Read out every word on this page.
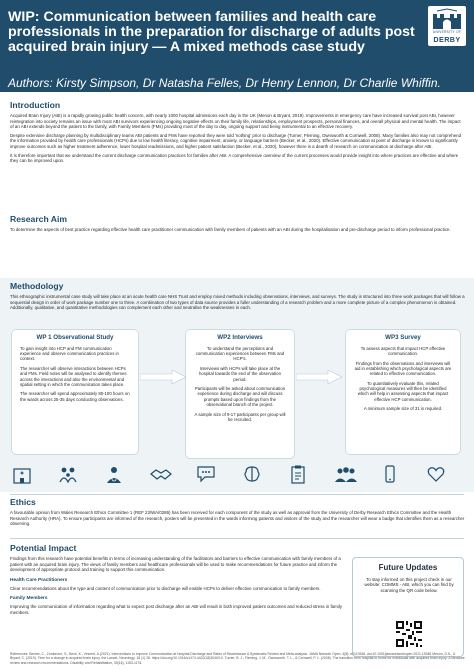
WIP: Communication between families and health care professionals in the preparation for discharge of adults post acquired brain injury — A mixed methods case study
Authors: Kirsty Simpson, Dr Natasha Felles, Dr Henry Lennon, Dr Charlie Whiffin.
UNIVERSITY OF
DERBY
Introduction
Acquired Brain Injury (ABI) is a rapidly growing public health concern, with nearly 1000 hospital admissions each day in the UK (Menon & Bryant, 2019). Improvements in emergency care have increased survival post ABI, however reintegration into society remains an issue with most ABI survivors experiencing ongoing negative effects on their family life, relationships, employment prospects, personal finances, and overall physical and mental health. The impact of an ABI extends beyond the patient to the family, with Family Members (FMs) providing most of the day to day, ongoing support and being instrumental to an effective recovery.
Despite extensive discharge planning by multidisciplinary teams ABI patients and FMs have reported they were told 'nothing' prior to discharge (Turner, Fleming, Ownsworth & Cornwell, 2008). Many families also may not comprehend the information provided by health care professionals (HCPs) due to low health literacy, cognitive impairment, anxiety, or language barriers (Becker, et al., 2020). Effective communication at point of discharge is known to significantly improve outcomes such as higher treatment adherence, lower hospital readmissions, and higher patient satisfaction (Becker, et al., 2020), however there is a dearth of research on communication at discharge after ABI.
It is therefore important that we understand the current discharge communication practices for families after ABI. A comprehensive overview of the current processes would provide insight into where practices are effective and where they can be improved upon.
Research Aim
To determine the aspects of best practice regarding effective health care practitioner communication with family members of patients with an ABI during the hospitalisation and pre-discharge period to inform professional practice.
Methodology
This ethnographic instrumental case study will take place at an acute health care NHS Trust and employ mixed methods including observations, interviews, and surveys. The study is structured into three work packages that will follow a sequential design in order of work package number one to three. A combination of two types of data source provides a fuller understanding of a research problem and a more complete picture of a complex phenomenon is obtained. Additionally, qualitative, and quantitative methodologies can complement each other and neutralise the weaknesses in each.
WP 1 Observational Study
To gain insight into HCP and FM communication experience and observe communication practices in context.
The researcher will observe interactions between HCPs and FMs. Field notes will be analysed to identify themes across the interactions and also the environmental and spatial setting in which the communication takes place.
The researcher will spend approximately 80-100 hours on the wards across 25-35 days conducting observations.
WP2 Interviews
To understand the perceptions and communication experiences between FMs and HCP's.
Interviews with HCPs will take place at the hospital towards the end of the observation period.
Participants will be asked about communication experience during discharge and will discuss prompts based upon findings from the observational branch of the project.
A sample size of 9-17 participants per group will be recruited.
WP3 Survey
To assess aspects that impact HCP effective communication.
Findings from the observations and interviews will aid in establishing which psychological aspects are related to effective communication.
To quantitatively evaluate this, related psychological measures will then be identified which will help in assessing aspects that impact effective HCP communication.
A minimum sample size of 31 is required.
Ethics
A favourable opinion from Wales Research Ethics Committee 1 (REF 23/WA/0286) has been received for each component of the study as well as approval from the University of Derby Research Ethics Committee and the Health Research Authority (HRA). To ensure participants are informed of the research, posters will be presented in the wards informing patients and visitors of the study and the researcher will wear a badge that identifies them as a researcher observing.
Potential Impact
Findings from this research have potential benefits in terms of increasing understanding of the facilitators and barriers to effective communication with family members of a patient with an acquired brain injury. The views of family members and healthcare professionals will be used to make recommendations for future practice and inform the development of appropriate protocol and training to support this communication.
Health Care Practitioners
Clear recommendations about the type and content of communication prior to discharge will enable HCPs to deliver effective communication to family members.
Family Members
Improving the communication of information regarding what to expect post discharge after an ABI will result in both improved patient outcomes and reduced stress in family members.
Future Updates
To stay informed on this project check in our website: COMMS - ABI, which you can find by scanning the QR code below.
References: Becker, C., Zumbrunn, S., Beck, K., Vincent, A.(2021). Interventions to Improve Communication at Hospital Discharge and Rates of Readmission A Systematic Review and Meta-analysis. JAMA Network Open. 4(8): e2119346. doi:10.1001/jamanetworkopen.2021.19346 Menon, D.K., & Bryant, C. (2019). Time for a change in acquired brain injury. the Lancet. Neurology, 18 (1) 28. https://doi.org/10.1016/s1474-4422(18)30463-0. Turner, B. J., Fleming, J. M., Ownsworth, T. L., & Cornwell, P. L. (2008). The transition from hospital to home for individuals with acquired brain injury: A literature review and research recommendations. Disability and Rehabilitation, 30(16), 1153-1176.
